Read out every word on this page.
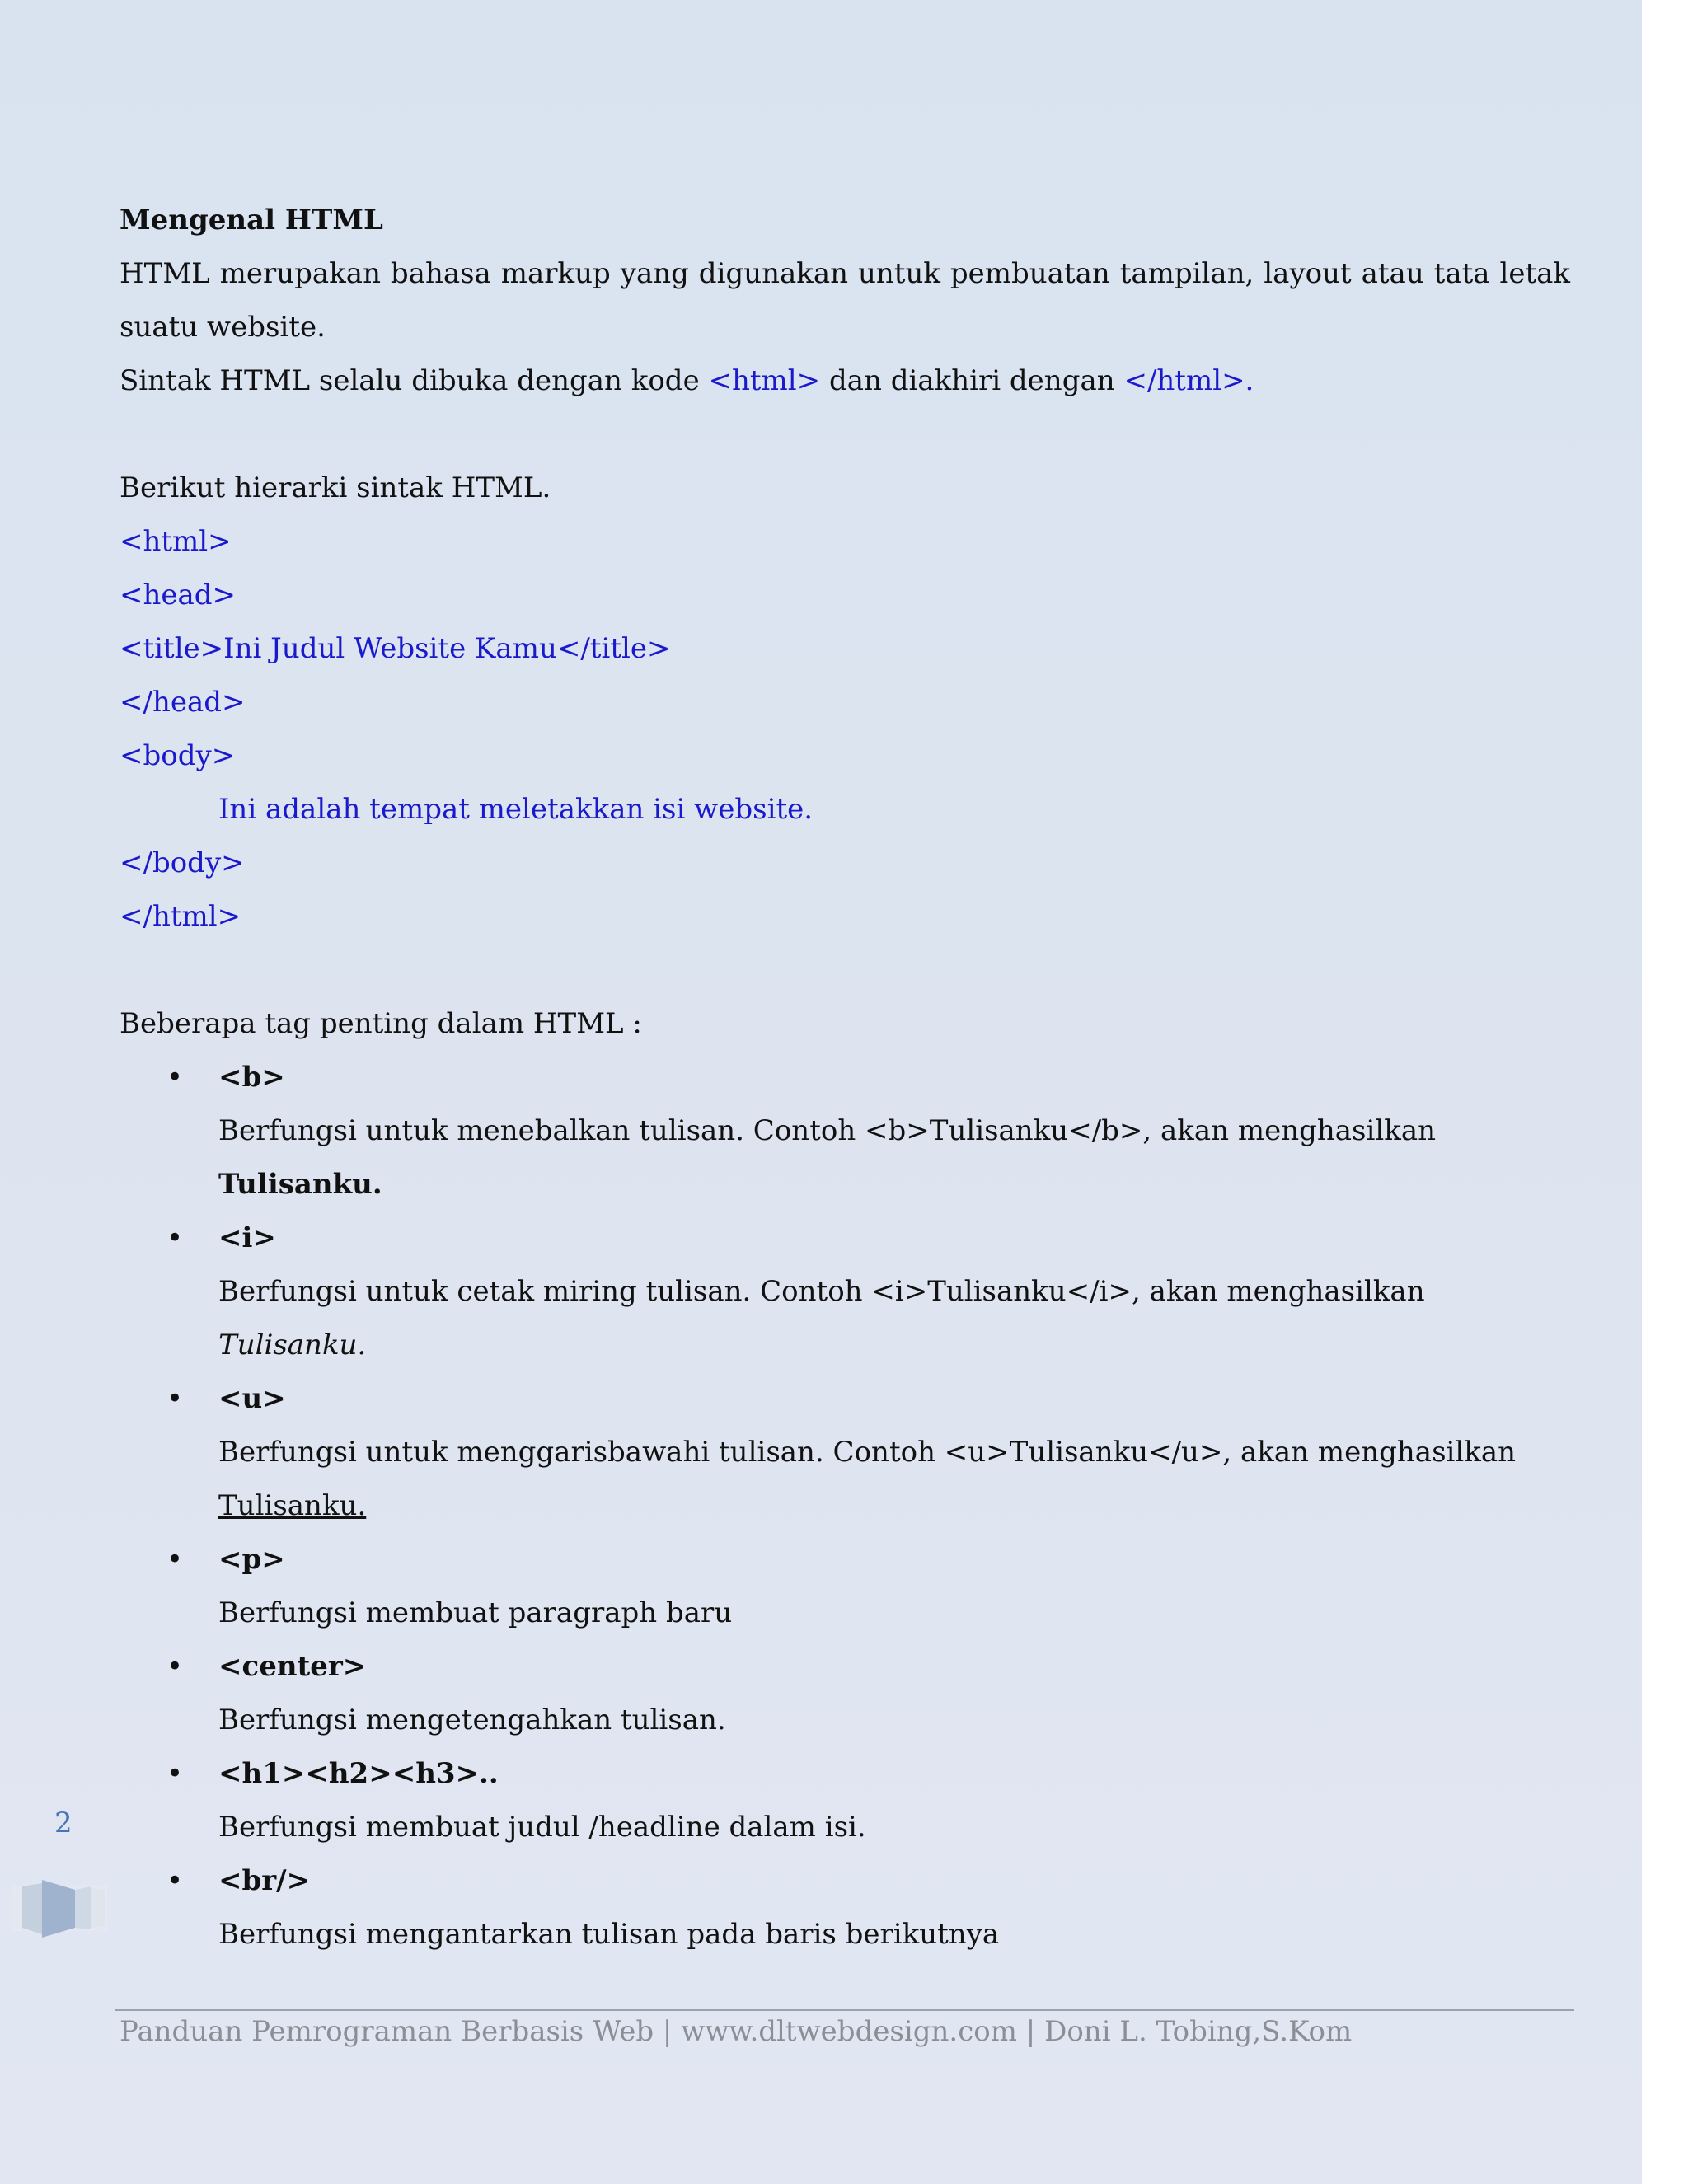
Mengenal HTML

HTML merupakan bahasa markup yang digunakan untuk pembuatan tampilan, layout atau tata letak suatu website.

Sintak HTML selalu dibuka dengan kode <html> dan diakhiri dengan </html>.

Berikut hierarki sintak HTML.

<html>

<head>

<title>Ini Judul Website Kamu</title>

</head>

<body>

Ini adalah tempat meletakkan isi website.

</body>

</html>

Beberapa tag penting dalam HTML :

• <b>

Berfungsi untuk menebalkan tulisan. Contoh <b>Tulisanku</b>, akan menghasilkan Tulisanku.

• <i>

Berfungsi untuk cetak miring tulisan. Contoh <i>Tulisanku</i>, akan menghasilkan Tulisanku.

• <u>

Berfungsi untuk menggarisbawahi tulisan. Contoh <u>Tulisanku</u>, akan menghasilkan Tulisanku.

• <p>

Berfungsi membuat paragraph baru

• <center>

Berfungsi mengetengahkan tulisan.

• <h1><h2><h3>..

Berfungsi membuat judul /headline dalam isi.

• <br/>

Berfungsi mengantarkan tulisan pada baris berikutnya

2
Panduan Pemrograman Berbasis Web | www.dltwebdesign.com | Doni L. Tobing,S.Kom
